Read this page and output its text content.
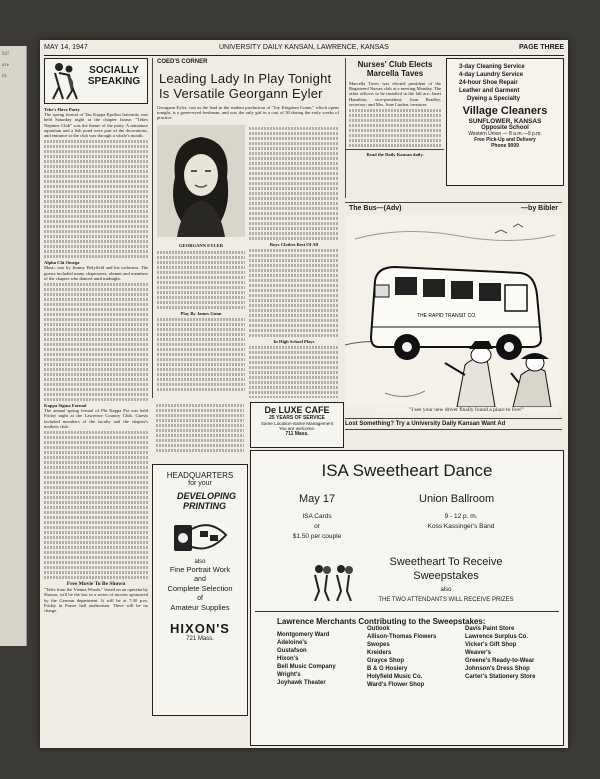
MAY 14, 1947	UNIVERSITY DAILY KANSAN, LAWRENCE, KANSAS	PAGE THREE
SOCIALLY SPEAKING
Teke's Have Party
The spring formal of Tau Kappa Epsilon fraternity was held Saturday night at the chapter house. "Tekes Neptune Club" was the theme of the party. A miniature aquarium and a fish pond were part of the decorations, and entrance to the club was through a whale's mouth.
Alpha Chi Omega
Music was by Jimmy Holyfield and his orchestra. The guests included many chaperones, alumni and members of the chapter who danced until midnight.
Kappa Sigma Formal
The annual spring formal of Phi Kappa Psi was held Friday night at the Lawrence Country Club. Guests included members of the faculty and the chapter's mothers club.
Free Movie To Be Shown
"Tales from the Vienna Woods," based on an operetta by Strauss, will be the last in a series of movies sponsored by the German department. It will be at 7:30 p.m. Friday in Fraser hall auditorium. There will be no charge.
COED'S CORNER
Leading Lady In Play Tonight Is Versatile Georgann Eyler
Georgann Eyler, cast as the lead in the student production of "Joy Kingdom Come," which opens tonight, is a green-eyed freshman, and was the only girl in a cast of 30 during the early weeks of practice.
GEORGANN EYLER
Play By James Gunn
Buys Clothes Best Of All
In High School Plays
Nurses' Club Elects Marcella Taves
Marcella Taves was elected president of the Registered Nurses club at a meeting Monday. The other officers to be installed in the fall are: Janet Hamilton, vice-president; Joan Bradley, secretary; and Mrs. June Linden, treasurer.
Read the Daily Kansan daily.
3-day Cleaning Service
4-day Laundry Service
24-hour Shoe Repair
Leather and Garment
Dyeing a Specialty
Village Cleaners
SUNFLOWER, KANSAS
Opposite School
Western Union — 8 a.m.—9 p.m.
Free Pick-Up and Delivery
Phone 9009
The Bus—(Adv)	—by Bibler
THE RAPID TRANSIT CO.
"I see your new driver finally found a place to live!"
De LUXE CAFE
25 YEARS OF SERVICE
Same Location-Same Management
You are welcome.
711 Mass.
Lost Something? Try a University Daily Kansan Want Ad
HEADQUARTERS
for your
DEVELOPING
PRINTING
also
Fine Portrait Work
and
Complete Selection
of
Amateur Supplies
HIXON'S
721 Mass.
ISA Sweetheart Dance
May 17	Union Ballroom
ISA Cards
or
$1.50 per couple
9 - 12 p. m.
Koss Kassinger's Band
Sweetheart To Receive Sweepstakes
also
THE TWO ATTENDANTS WILL RECEIVE PRIZES
Lawrence Merchants Contributing to the Sweepstakes:
Montgomery Ward
Adeloine's
Gustafson
Hixon's
Bell Music Company
Wright's
Joyhawk Theater
Outlook
Allison-Thomas Flowers
Swopes
Kreiders
Grayce Shop
B & G Hosiery
Holyfield Music Co.
Ward's Flower Shop
Davis Paint Store
Lawrence Surplus Co.
Vicker's Gift Shop
Weaver's
Greene's Ready-to-Wear
Johnson's Dress Shop
Carter's Stationery Store
947
ave
ily
